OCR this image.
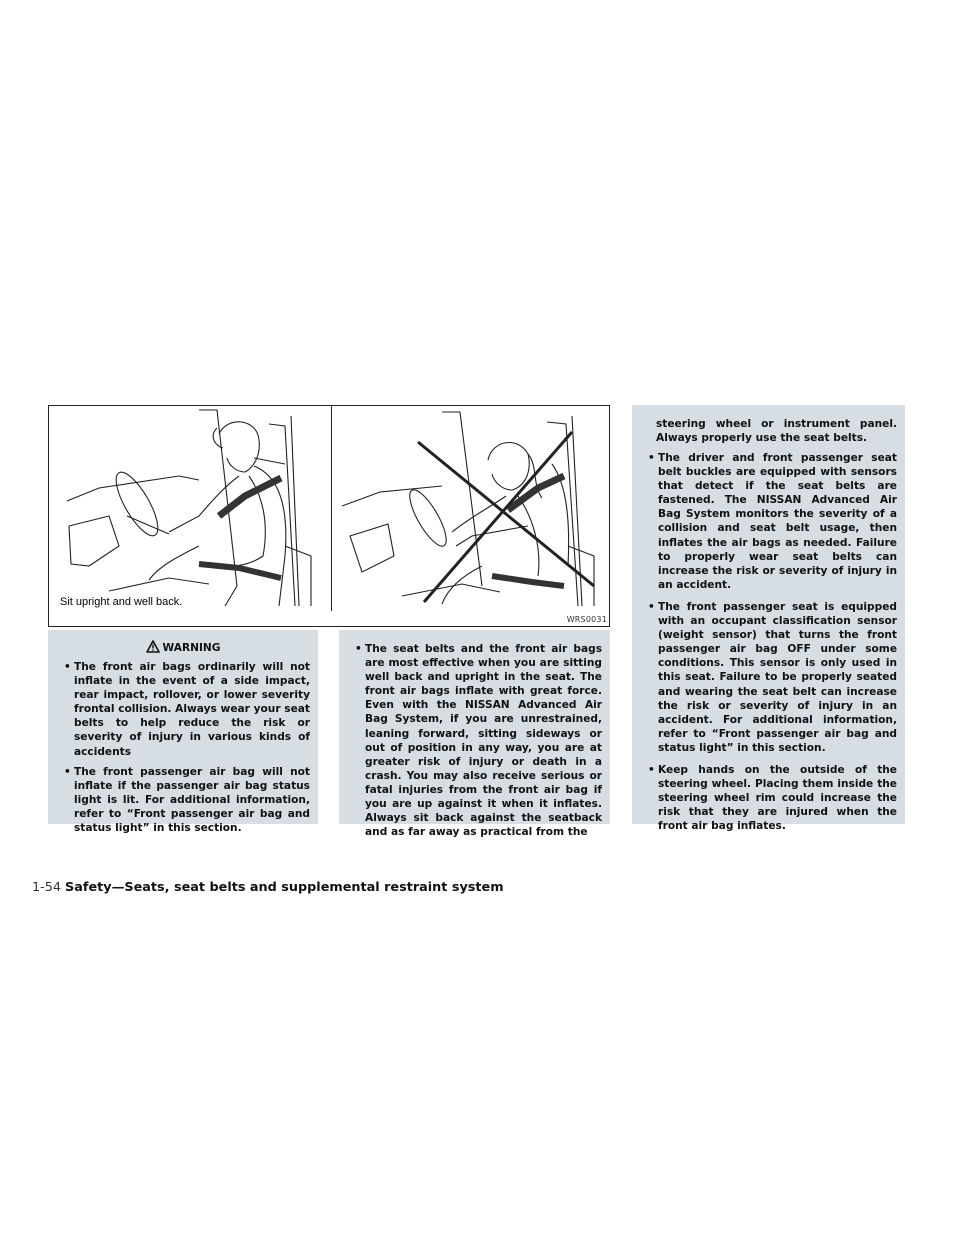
Sit upright and well back.
WRS0031
WARNING

• The front air bags ordinarily will not inflate in the event of a side impact, rear impact, rollover, or lower severity frontal collision. Always wear your seat belts to help reduce the risk or severity of injury in various kinds of accidents

• The front passenger air bag will not inflate if the passenger air bag status light is lit. For additional information, refer to “Front passenger air bag and status light” in this section.

• The seat belts and the front air bags are most effective when you are sitting well back and upright in the seat. The front air bags inflate with great force. Even with the NISSAN Advanced Air Bag System, if you are unrestrained, leaning forward, sitting sideways or out of position in any way, you are at greater risk of injury or death in a crash. You may also receive serious or fatal injuries from the front air bag if you are up against it when it inflates. Always sit back against the seatback and as far away as practical from the

steering wheel or instrument panel. Always properly use the seat belts.

• The driver and front passenger seat belt buckles are equipped with sensors that detect if the seat belts are fastened. The NISSAN Advanced Air Bag System monitors the severity of a collision and seat belt usage, then inflates the air bags as needed. Failure to properly wear seat belts can increase the risk or severity of injury in an accident.

• The front passenger seat is equipped with an occupant classification sensor (weight sensor) that turns the front passenger air bag OFF under some conditions. This sensor is only used in this seat. Failure to be properly seated and wearing the seat belt can increase the risk or severity of injury in an accident. For additional information, refer to “Front passenger air bag and status light” in this section.

• Keep hands on the outside of the steering wheel. Placing them inside the steering wheel rim could increase the risk that they are injured when the front air bag inflates.

1-54 Safety—Seats, seat belts and supplemental restraint system
